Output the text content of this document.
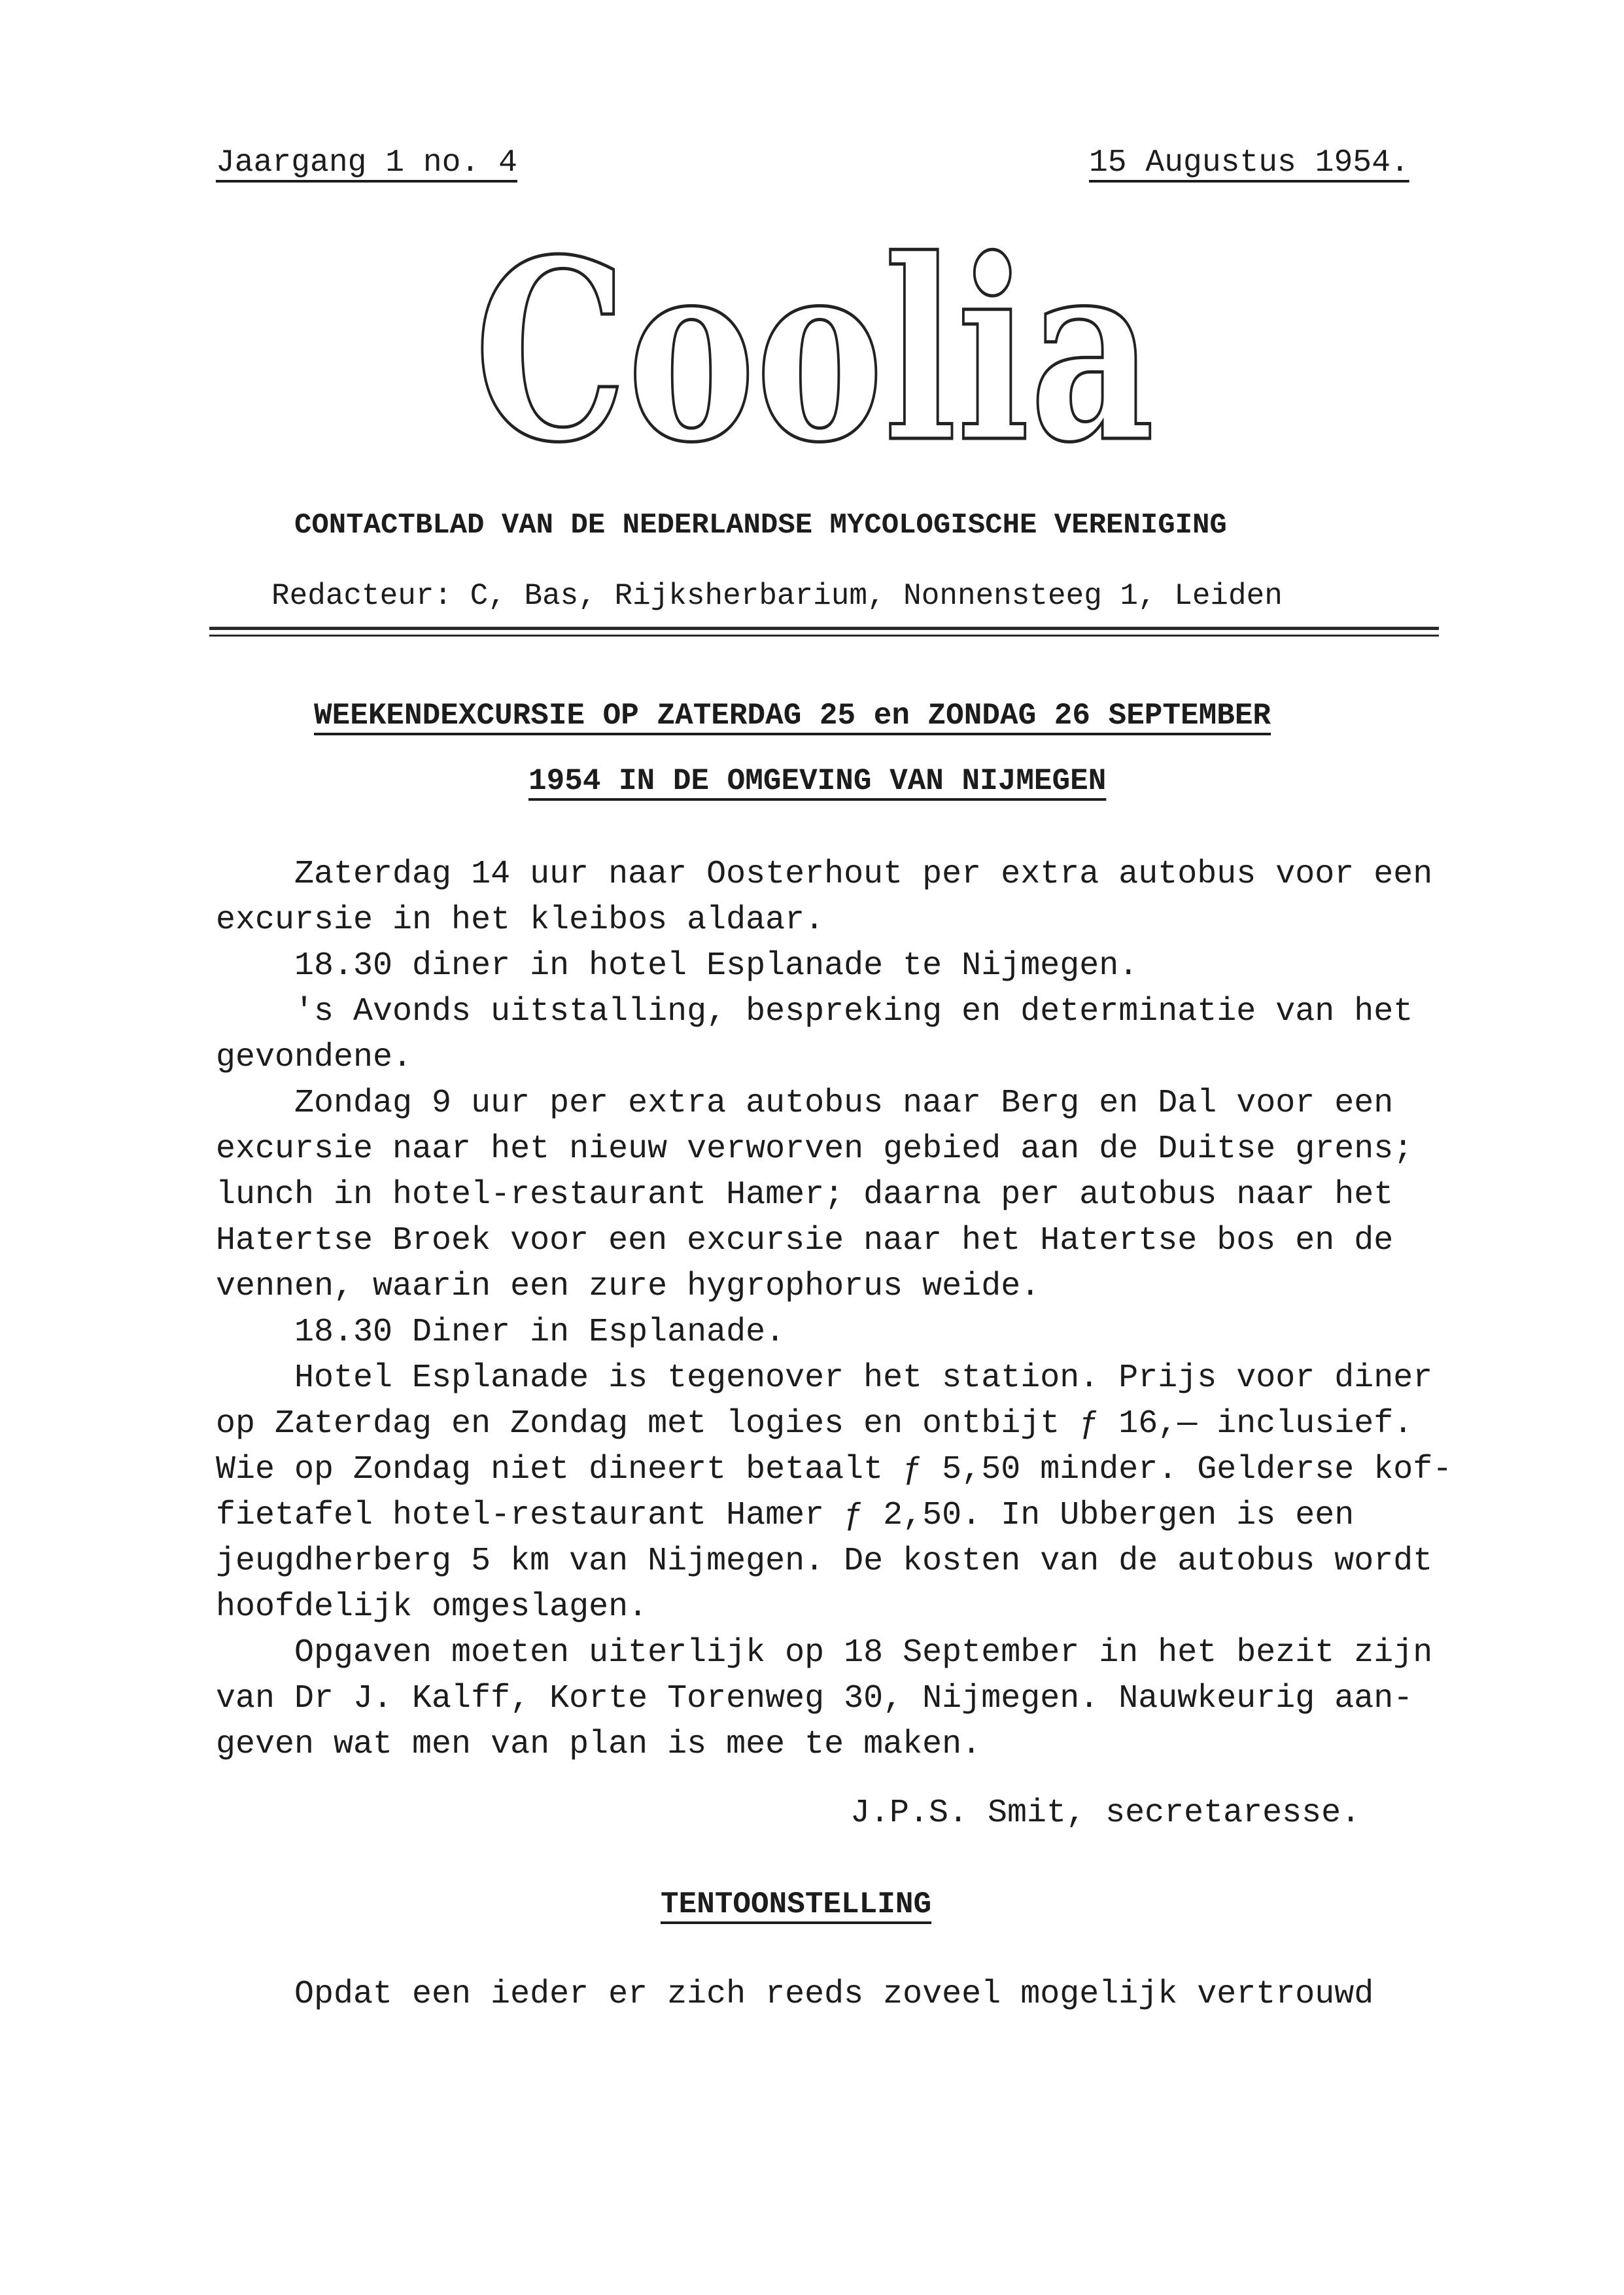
Jaargang 1 no. 4	15 Augustus 1954.
Coolia
CONTACTBLAD VAN DE NEDERLANDSE MYCOLOGISCHE VERENIGING
Redacteur: C, Bas, Rijksherbarium, Nonnensteeg 1, Leiden
WEEKENDEXCURSIE OP ZATERDAG 25 en ZONDAG 26 SEPTEMBER
1954 IN DE OMGEVING VAN NIJMEGEN
Zaterdag 14 uur naar Oosterhout per extra autobus voor een
excursie in het kleibos aldaar.
18.30 diner in hotel Esplanade te Nijmegen.
's Avonds uitstalling, bespreking en determinatie van het
gevondene.
Zondag 9 uur per extra autobus naar Berg en Dal voor een
excursie naar het nieuw verworven gebied aan de Duitse grens;
lunch in hotel-restaurant Hamer; daarna per autobus naar het
Hatertse Broek voor een excursie naar het Hatertse bos en de
vennen, waarin een zure hygrophorus weide.
18.30 Diner in Esplanade.
Hotel Esplanade is tegenover het station. Prijs voor diner
op Zaterdag en Zondag met logies en ontbijt ƒ 16,— inclusief.
Wie op Zondag niet dineert betaalt ƒ 5,50 minder. Gelderse kof-
fietafel hotel-restaurant Hamer ƒ 2,50. In Ubbergen is een
jeugdherberg 5 km van Nijmegen. De kosten van de autobus wordt
hoofdelijk omgeslagen.
Opgaven moeten uiterlijk op 18 September in het bezit zijn
van Dr J. Kalff, Korte Torenweg 30, Nijmegen. Nauwkeurig aan-
geven wat men van plan is mee te maken.
J.P.S. Smit, secretaresse.
TENTOONSTELLING
Opdat een ieder er zich reeds zoveel mogelijk vertrouwd
